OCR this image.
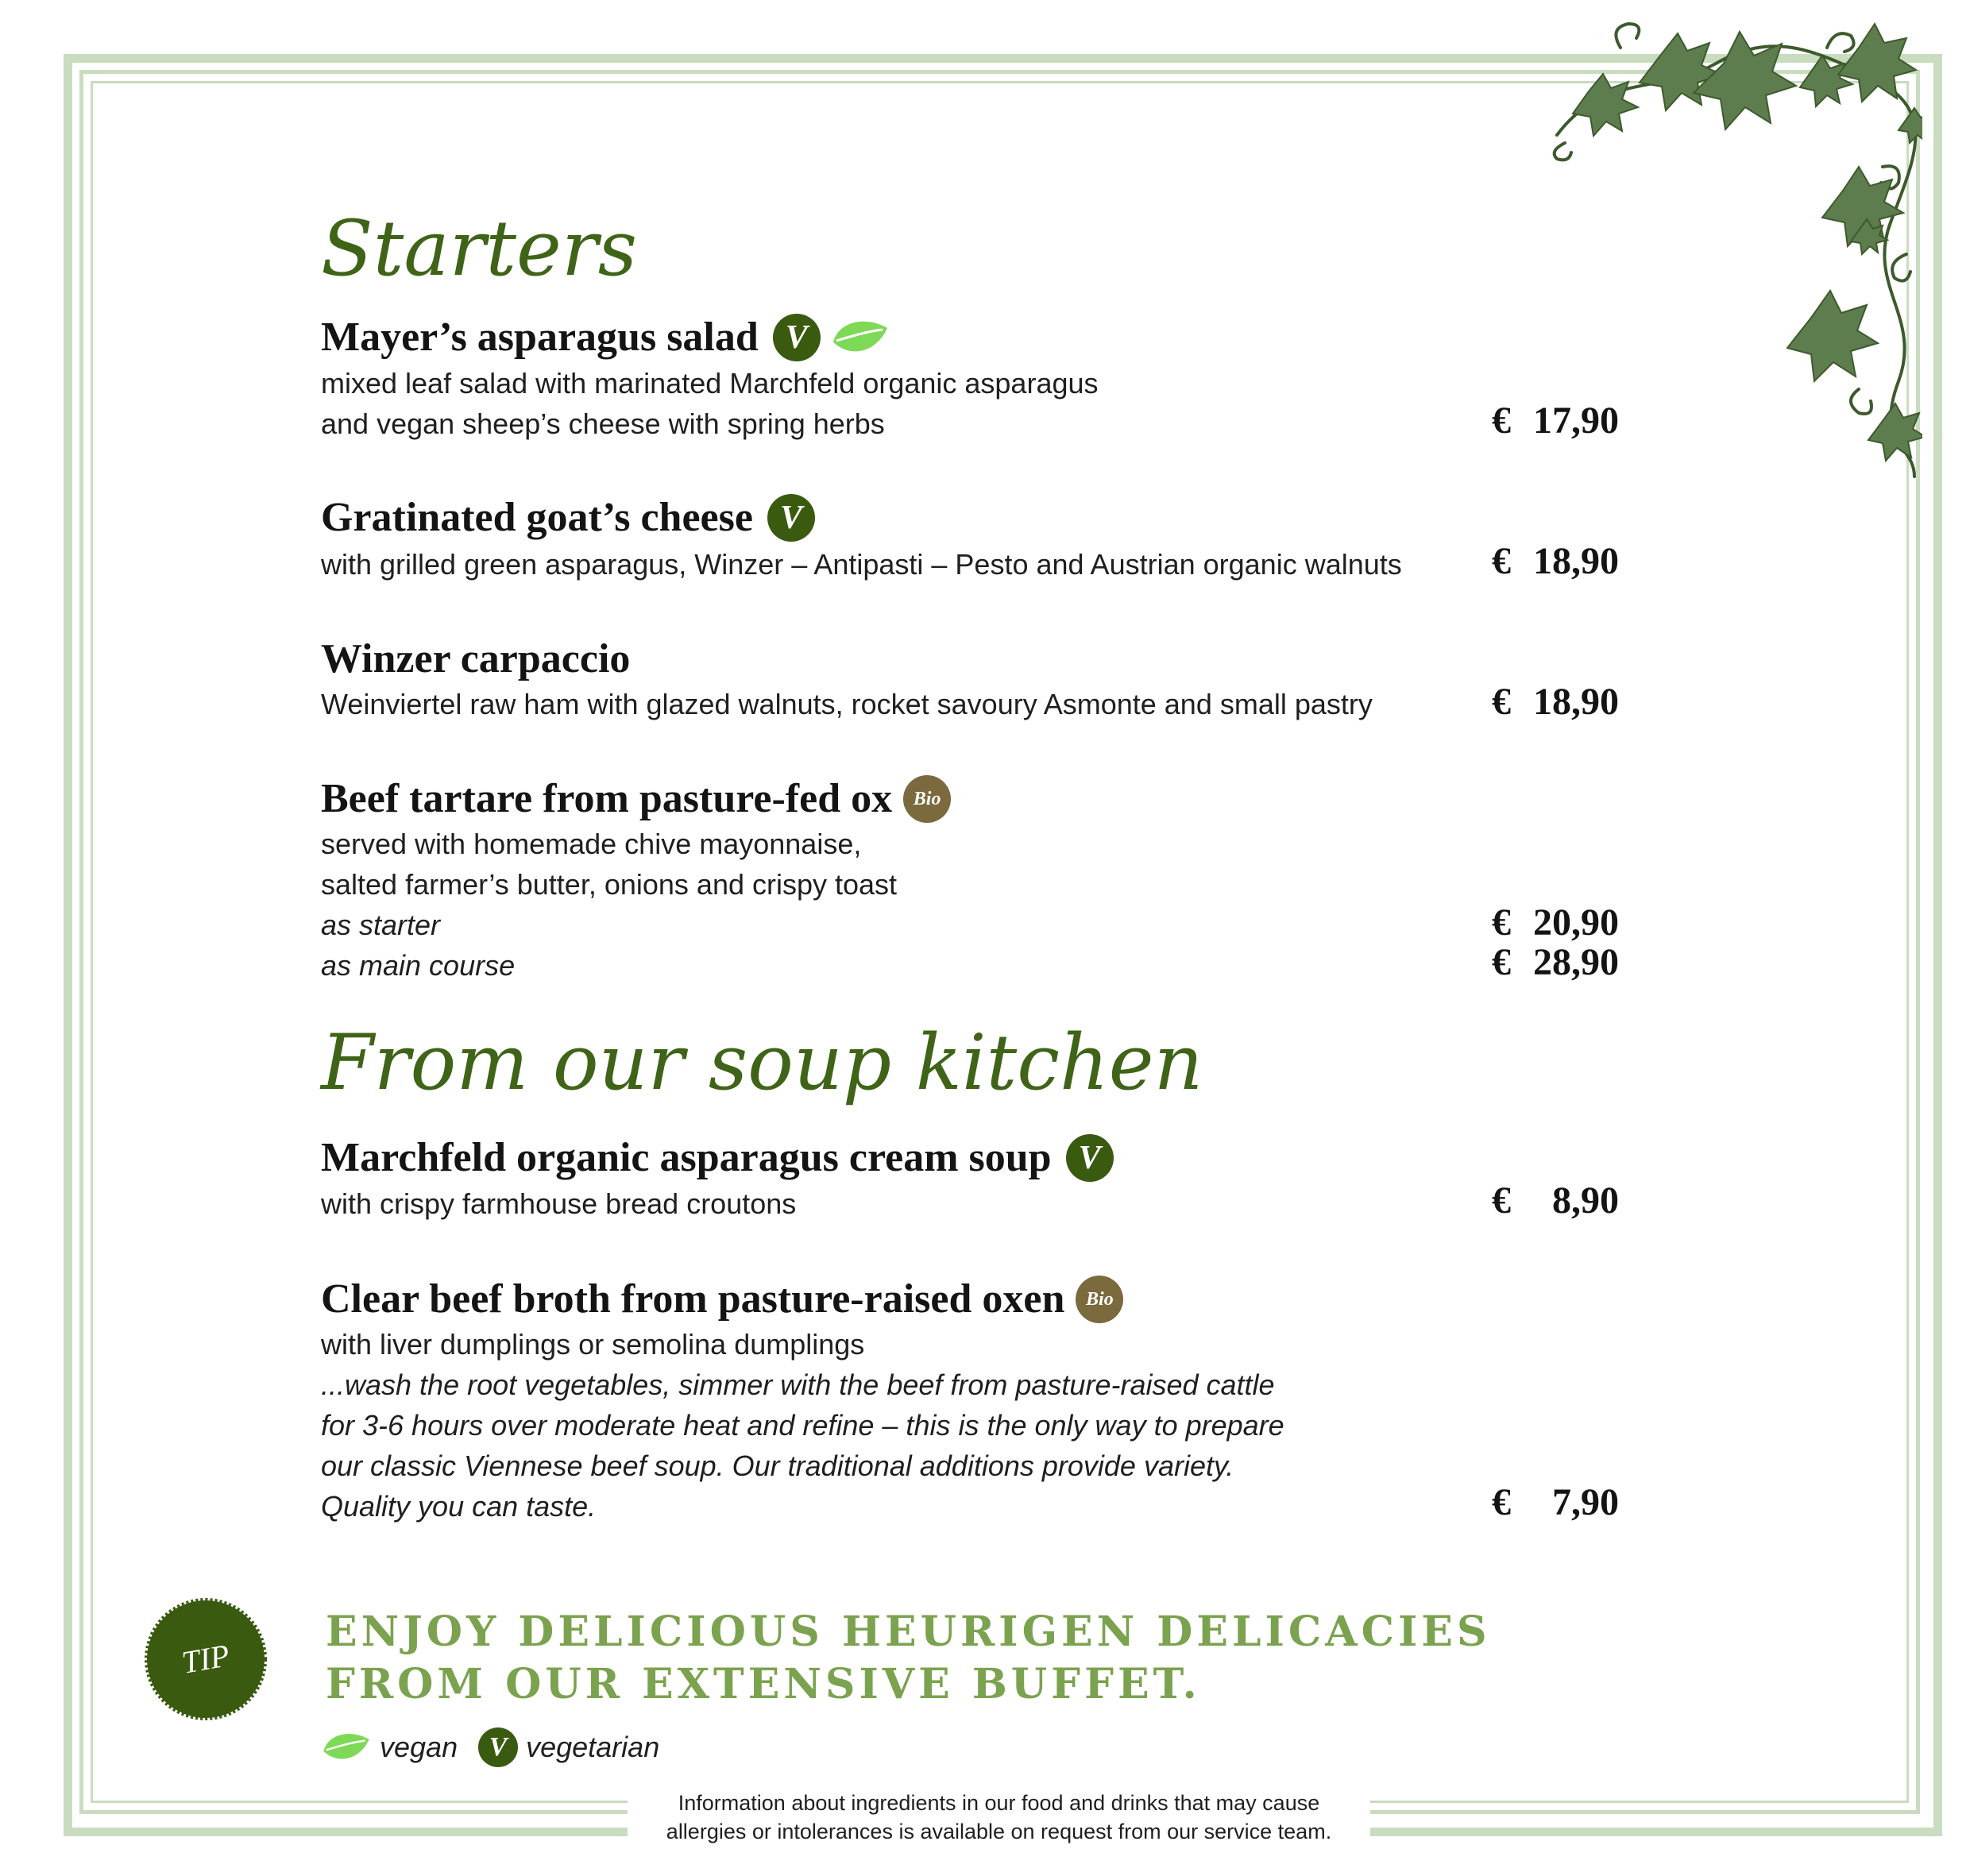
Starters
Mayer’s asparagus salad V
mixed leaf salad with marinated Marchfeld organic asparagus
and vegan sheep’s cheese with spring herbs	€ 17,90
Gratinated goat’s cheese V
with grilled green asparagus, Winzer – Antipasti – Pesto and Austrian organic walnuts € 18,90
Winzer carpaccio
Weinviertel raw ham with glazed walnuts, rocket savoury Asmonte and small pastry	€ 18,90
Beef tartare from pasture-fed ox	Bio
served with homemade chive mayonnaise,
salted farmer’s butter, onions and crispy toast
as starter	€ 20,90
as main course	€ 28,90
From our soup kitchen
Marchfeld organic asparagus cream soup V
with crispy farmhouse bread croutons	€ 8,90
Clear beef broth from pasture-raised oxen	Bio
with liver dumplings or semolina dumplings
...wash the root vegetables, simmer with the beef from pasture-raised cattle
for 3-6 hours over moderate heat and refine – this is the only way to prepare
our classic Viennese beef soup. Our traditional additions provide variety.
Quality you can taste.	€ 7,90
TIP
ENJOY DELICIOUS HEURIGEN DELICACIES
FROM OUR EXTENSIVE BUFFET.
vegan	V vegetarian
Information about ingredients in our food and drinks that may cause
allergies or intolerances is available on request from our service team.
